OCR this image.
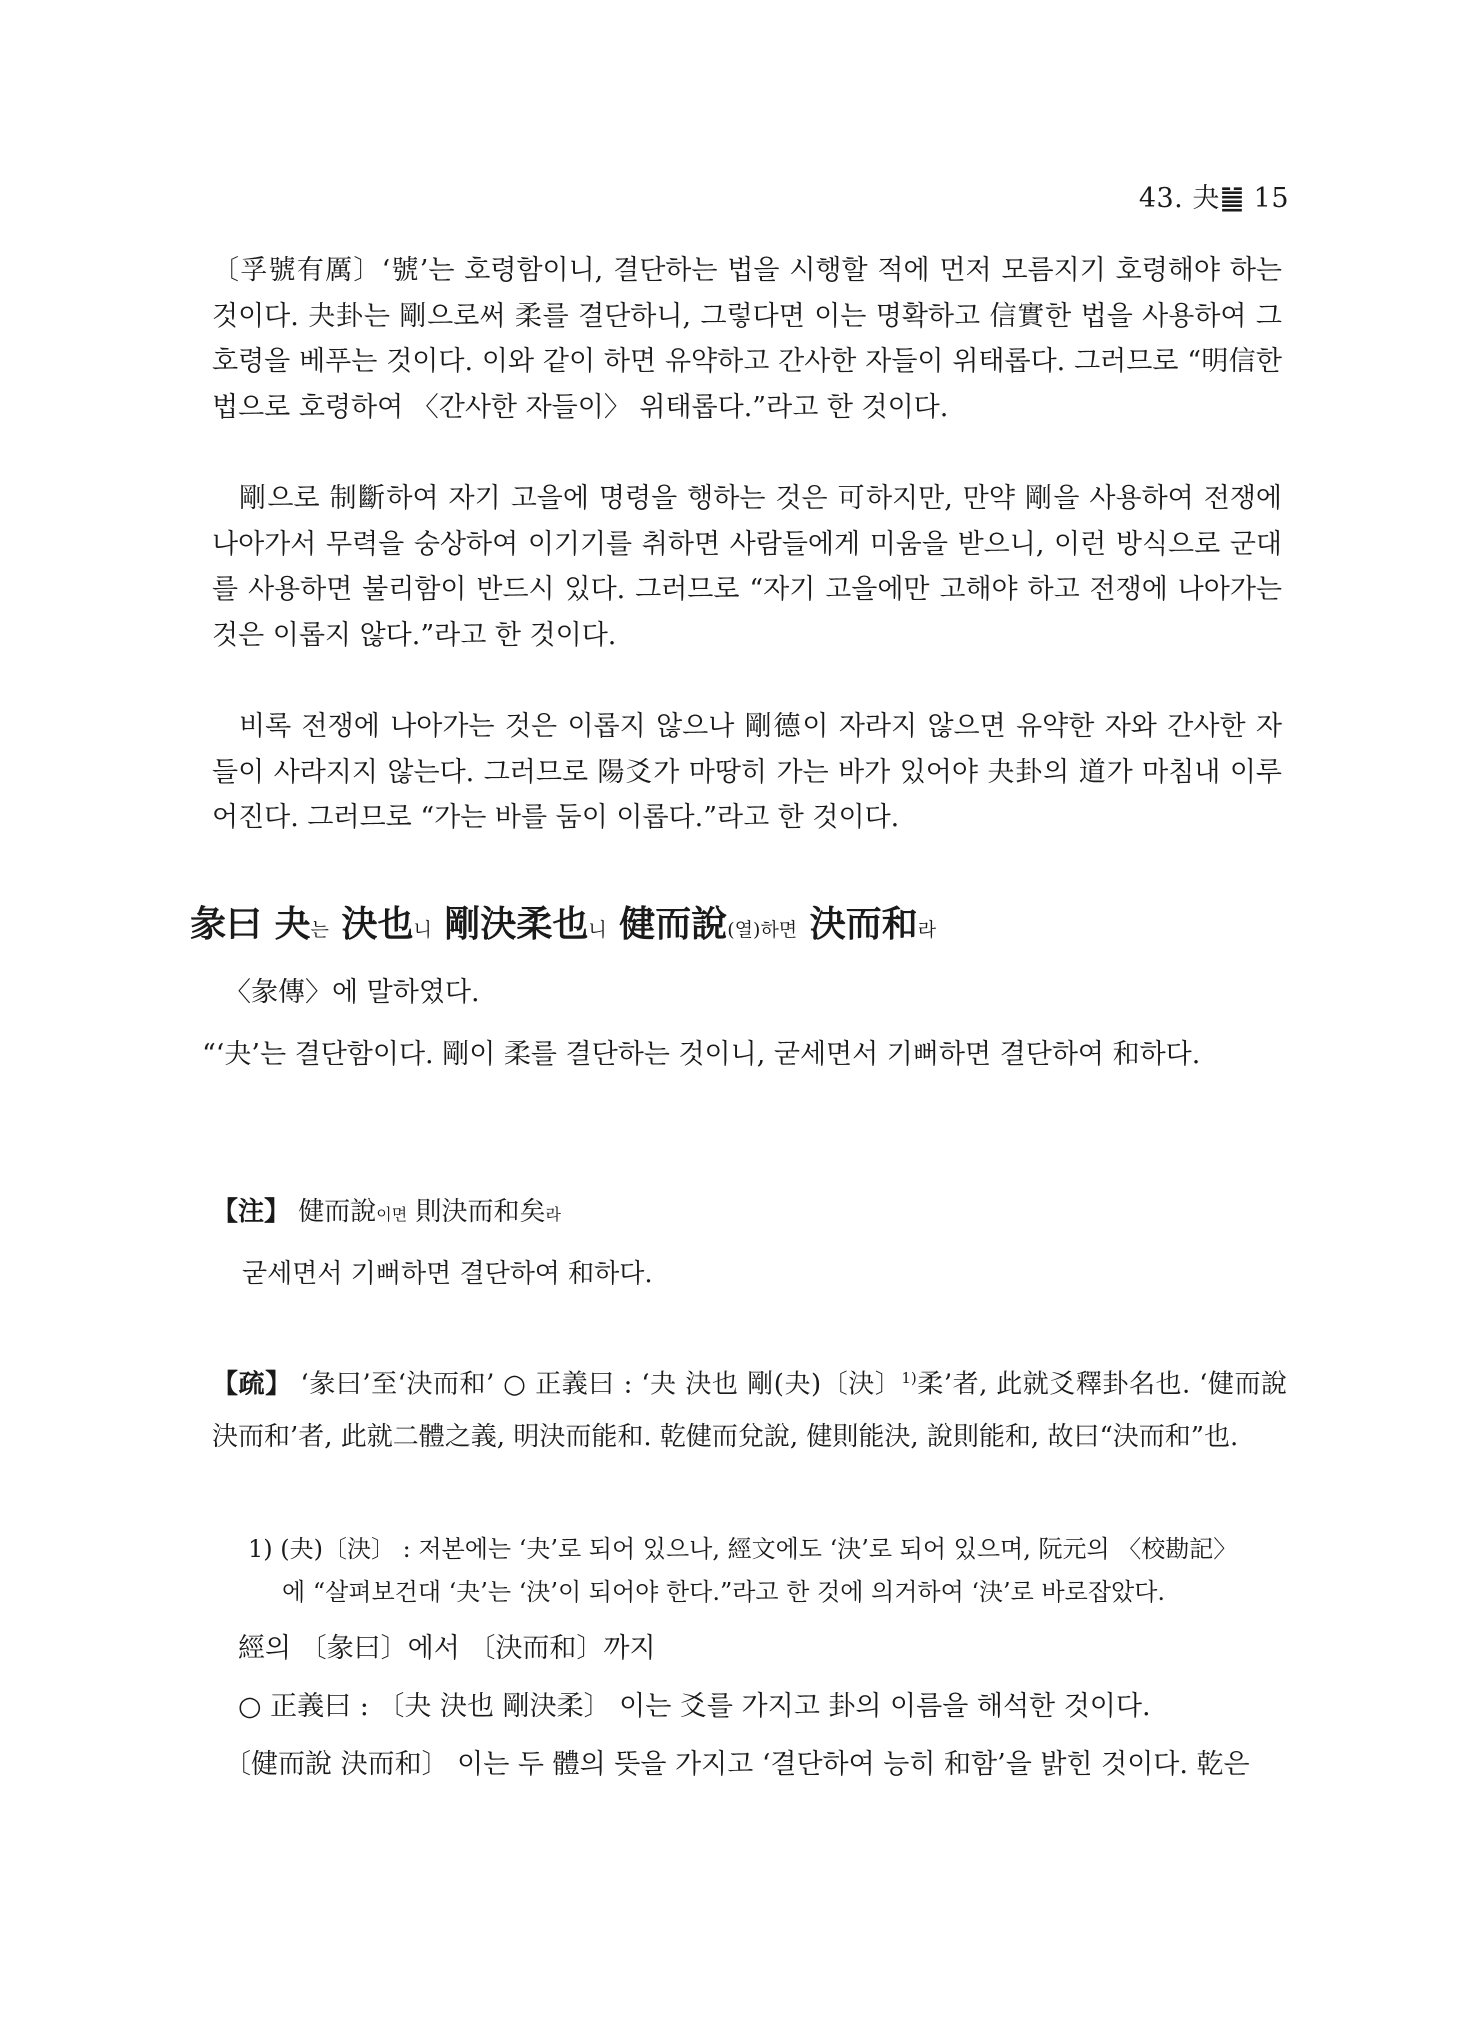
43. 夬䷪ 15

〔孚號有厲〕‘號’는 호령함이니, 결단하는 법을 시행할 적에 먼저 모름지기 호령해야 하는 것이다. 夬卦는 剛으로써 柔를 결단하니, 그렇다면 이는 명확하고 信實한 법을 사용하여 그 호령을 베푸는 것이다. 이와 같이 하면 유약하고 간사한 자들이 위태롭다. 그러므로 “明信한 법으로 호령하여 〈간사한 자들이〉 위태롭다.”라고 한 것이다.

剛으로 制斷하여 자기 고을에 명령을 행하는 것은 可하지만, 만약 剛을 사용하여 전쟁에 나아가서 무력을 숭상하여 이기기를 취하면 사람들에게 미움을 받으니, 이런 방식으로 군대를 사용하면 불리함이 반드시 있다. 그러므로 “자기 고을에만 고해야 하고 전쟁에 나아가는 것은 이롭지 않다.”라고 한 것이다.

비록 전쟁에 나아가는 것은 이롭지 않으나 剛德이 자라지 않으면 유약한 자와 간사한 자들이 사라지지 않는다. 그러므로 陽爻가 마땅히 가는 바가 있어야 夬卦의 道가 마침내 이루어진다. 그러므로 “가는 바를 둠이 이롭다.”라고 한 것이다.

彖曰 夬는 決也니 剛決柔也니 健而說(열)하면 決而和라
〈彖傳〉에 말하였다.
“‘夬’는 결단함이다. 剛이 柔를 결단하는 것이니, 굳세면서 기뻐하면 결단하여 和하다.
【注】 健而說이면 則決而和矣라
굳세면서 기뻐하면 결단하여 和하다.
【疏】 ‘彖曰’至‘決而和’ ○ 正義曰 : ‘夬 決也 剛(夬)〔決〕$^{1)}$柔’者, 此就爻釋卦名也. ‘健而說 決而和’者, 此就二體之義, 明決而能和. 乾健而兌說, 健則能決, 說則能和, 故曰“決而和”也.
1) (夬)〔決〕 : 저본에는 ‘夬’로 되어 있으나, 經文에도 ‘決’로 되어 있으며, 阮元의 〈校勘記〉
에 “살펴보건대 ‘夬’는 ‘決’이 되어야 한다.”라고 한 것에 의거하여 ‘決’로 바로잡았다.
經의 〔彖曰〕에서 〔決而和〕까지
○ 正義曰 : 〔夬 決也 剛決柔〕 이는 爻를 가지고 卦의 이름을 해석한 것이다.
〔健而說 決而和〕 이는 두 體의 뜻을 가지고 ‘결단하여 능히 和함’을 밝힌 것이다. 乾은
